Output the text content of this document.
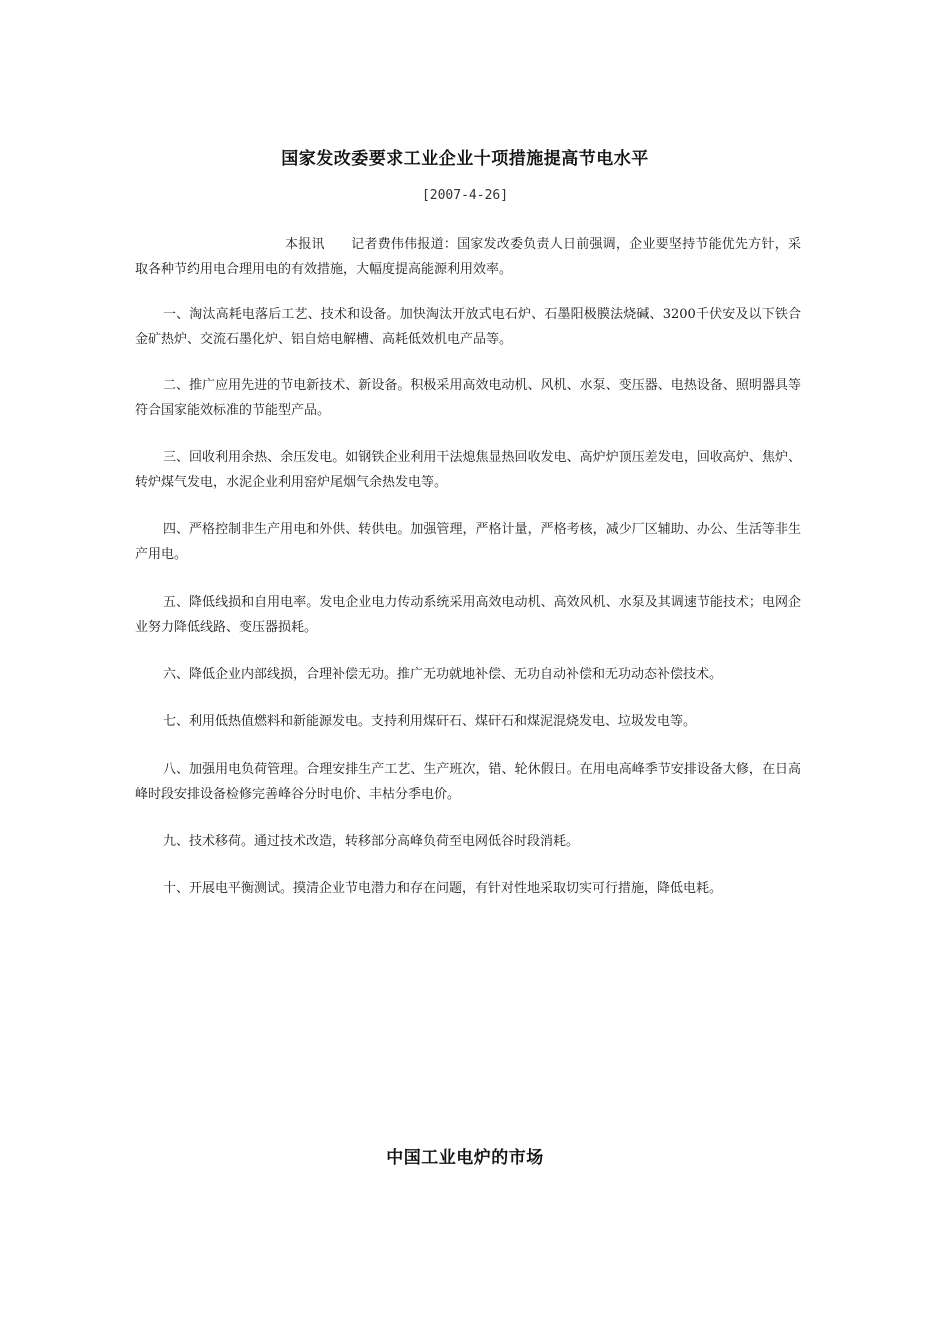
国家发改委要求工业企业十项措施提高节电水平
[2007-4-26]

本报讯　　记者费伟伟报道：国家发改委负责人日前强调，企业要坚持节能优先方针，采取各种节约用电合理用电的有效措施，大幅度提高能源利用效率。

一、淘汰高耗电落后工艺、技术和设备。加快淘汰开放式电石炉、石墨阳极膜法烧碱、3200千伏安及以下铁合金矿热炉、交流石墨化炉、铝自焙电解槽、高耗低效机电产品等。

二、推广应用先进的节电新技术、新设备。积极采用高效电动机、风机、水泵、变压器、电热设备、照明器具等符合国家能效标准的节能型产品。

三、回收利用余热、余压发电。如钢铁企业利用干法熄焦显热回收发电、高炉炉顶压差发电，回收高炉、焦炉、转炉煤气发电，水泥企业利用窑炉尾烟气余热发电等。

四、严格控制非生产用电和外供、转供电。加强管理，严格计量，严格考核，减少厂区辅助、办公、生活等非生产用电。

五、降低线损和自用电率。发电企业电力传动系统采用高效电动机、高效风机、水泵及其调速节能技术；电网企业努力降低线路、变压器损耗。

六、降低企业内部线损，合理补偿无功。推广无功就地补偿、无功自动补偿和无功动态补偿技术。

七、利用低热值燃料和新能源发电。支持利用煤矸石、煤矸石和煤泥混烧发电、垃圾发电等。

八、加强用电负荷管理。合理安排生产工艺、生产班次，错、轮休假日。在用电高峰季节安排设备大修，在日高峰时段安排设备检修完善峰谷分时电价、丰枯分季电价。

九、技术移荷。通过技术改造，转移部分高峰负荷至电网低谷时段消耗。

十、开展电平衡测试。摸清企业节电潜力和存在问题，有针对性地采取切实可行措施，降低电耗。

中国工业电炉的市场
